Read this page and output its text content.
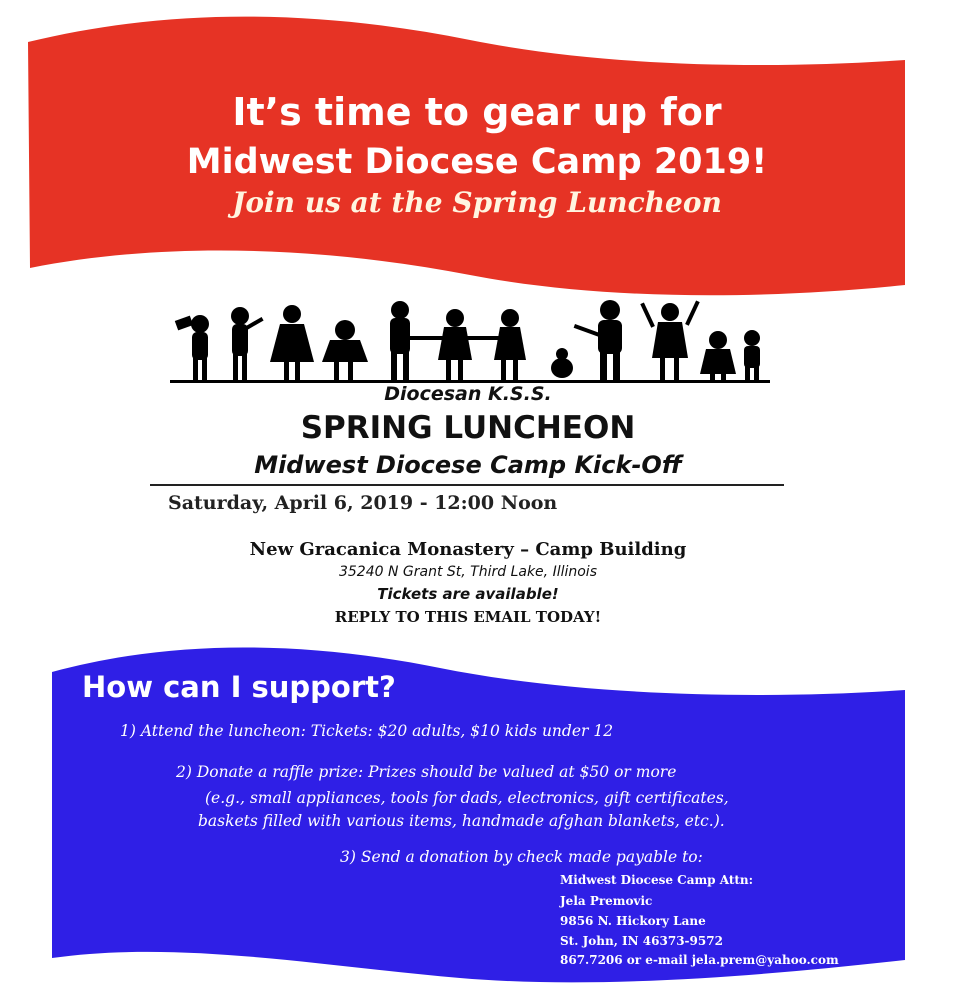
It’s time to gear up for
Midwest Diocese Camp 2019!
Join us at the Spring Luncheon
Diocesan K.S.S.
SPRING LUNCHEON
Midwest Diocese Camp Kick-Off
Saturday, April 6, 2019 - 12:00 Noon
New Gracanica Monastery – Camp Building
35240 N Grant St, Third Lake, Illinois
Tickets are available!
REPLY TO THIS EMAIL TODAY!
How can I support?
1) Attend the luncheon: Tickets: $20 adults, $10 kids under 12
2) Donate a raffle prize: Prizes should be valued at $50 or more
(e.g., small appliances, tools for dads, electronics, gift certificates,
baskets filled with various items, handmade afghan blankets, etc.).
3) Send a donation by check made payable to:
Midwest Diocese Camp Attn:
Jela Premovic
9856 N. Hickory Lane
St. John, IN 46373-9572
867.7206 or e-mail jela.prem@yahoo.com
